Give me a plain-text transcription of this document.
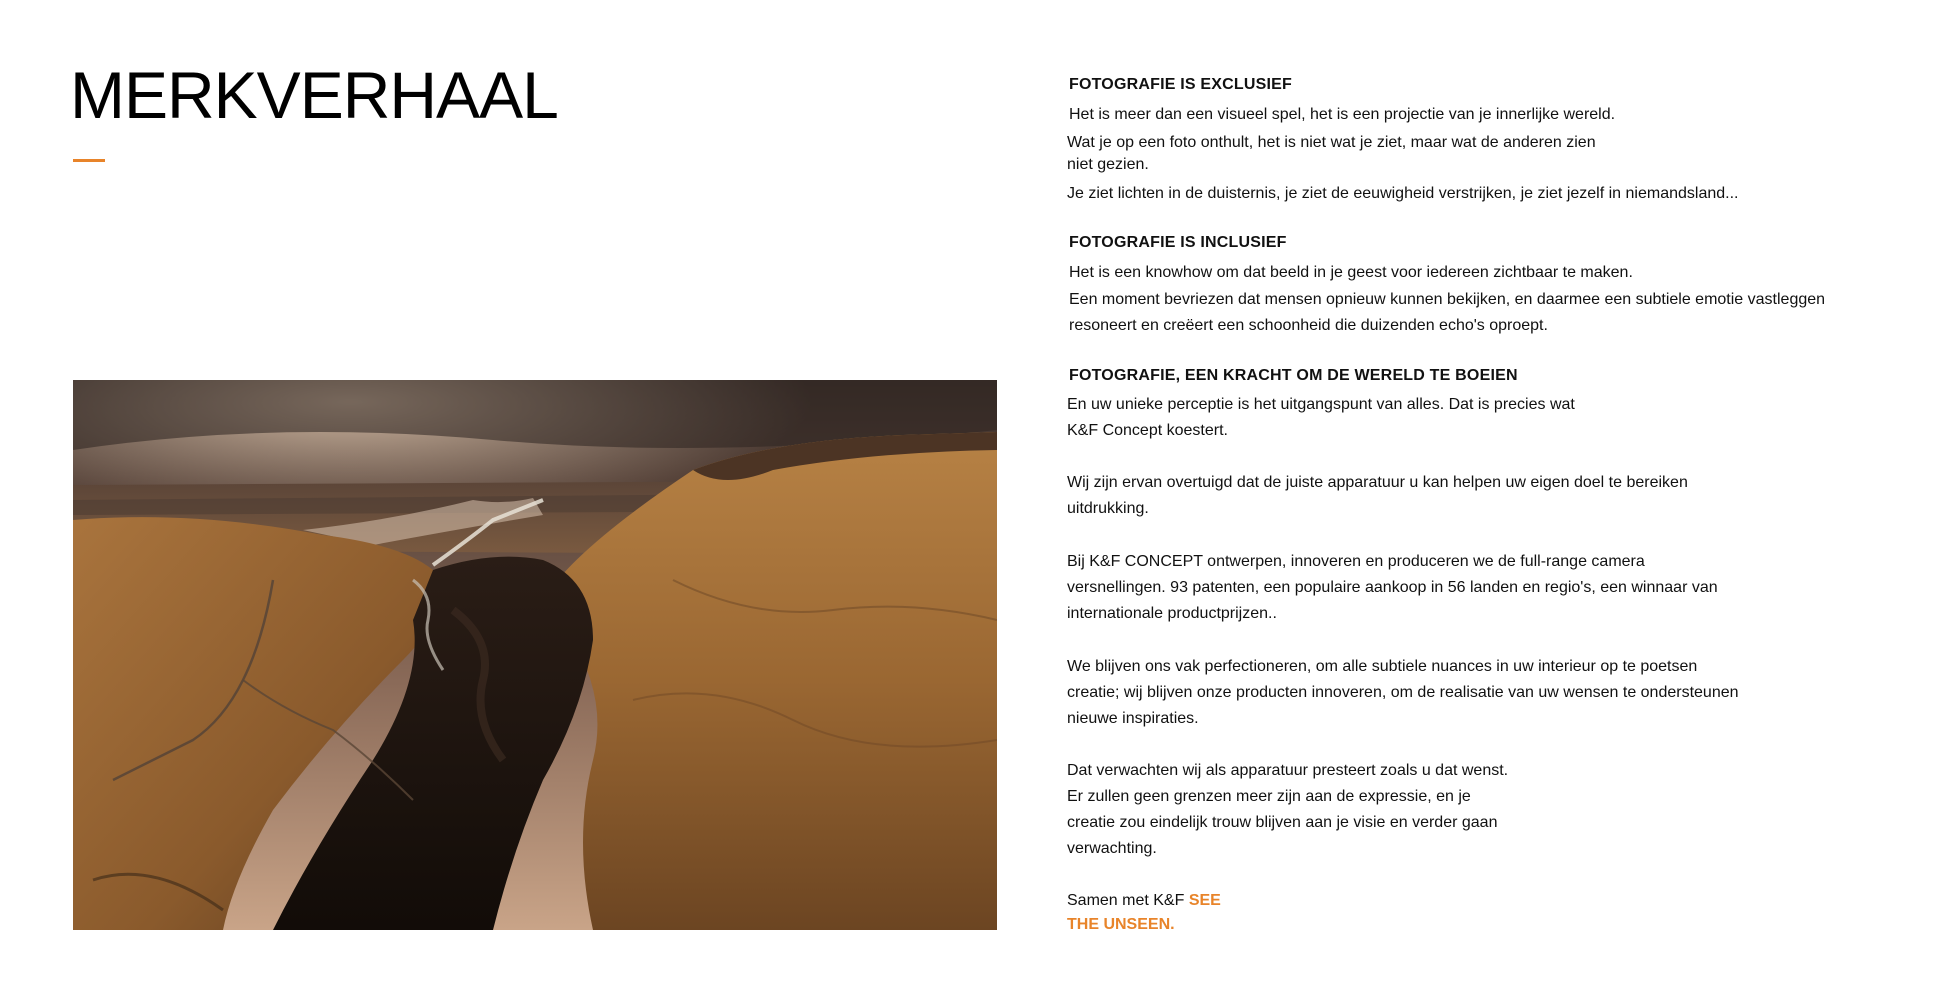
MERKVERHAAL	FOTOGRAFIE IS EXCLUSIEF

Het is meer dan een visueel spel, het is een projectie van je innerlijke wereld.

Wat je op een foto onthult, het is niet wat je ziet, maar wat de anderen zien

niet gezien.

Je ziet lichten in de duisternis, je ziet de eeuwigheid verstrijken, je ziet jezelf in niemandsland...

FOTOGRAFIE IS INCLUSIEF

Het is een knowhow om dat beeld in je geest voor iedereen zichtbaar te maken.

Een moment bevriezen dat mensen opnieuw kunnen bekijken, en daarmee een subtiele emotie vastleggen

resoneert en creëert een schoonheid die duizenden echo's oproept.

FOTOGRAFIE, EEN KRACHT OM DE WERELD TE BOEIEN

En uw unieke perceptie is het uitgangspunt van alles. Dat is precies wat

K&F Concept koestert.

Wij zijn ervan overtuigd dat de juiste apparatuur u kan helpen uw eigen doel te bereiken

uitdrukking.

Bij K&F CONCEPT ontwerpen, innoveren en produceren we de full-range camera

versnellingen. 93 patenten, een populaire aankoop in 56 landen en regio's, een winnaar van

internationale productprijzen..

We blijven ons vak perfectioneren, om alle subtiele nuances in uw interieur op te poetsen

creatie; wij blijven onze producten innoveren, om de realisatie van uw wensen te ondersteunen

nieuwe inspiraties.

Dat verwachten wij als apparatuur presteert zoals u dat wenst.

Er zullen geen grenzen meer zijn aan de expressie, en je

creatie zou eindelijk trouw blijven aan je visie en verder gaan

verwachting.

Samen met K&F SEE

THE UNSEEN.
